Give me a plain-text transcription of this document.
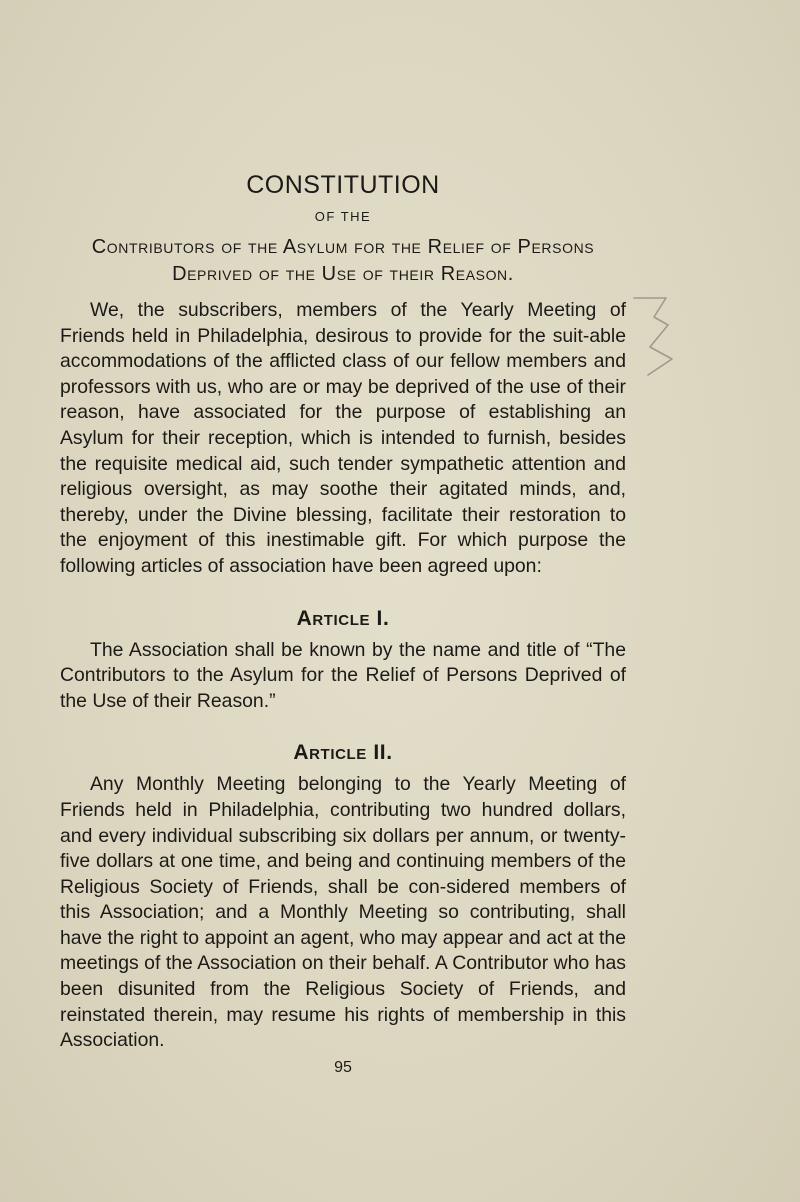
CONSTITUTION

OF THE

Contributors of the Asylum for the Relief of Persons
Deprived of the Use of their Reason.

We, the subscribers, members of the Yearly Meeting of Friends held in Philadelphia, desirous to provide for the suit-able accommodations of the afflicted class of our fellow members and professors with us, who are or may be deprived of the use of their reason, have associated for the purpose of establishing an Asylum for their reception, which is intended to furnish, besides the requisite medical aid, such tender sympathetic attention and religious oversight, as may soothe their agitated minds, and, thereby, under the Divine blessing, facilitate their restoration to the enjoyment of this inestimable gift. For which purpose the following articles of association have been agreed upon:

Article I.

The Association shall be known by the name and title of “The Contributors to the Asylum for the Relief of Persons Deprived of the Use of their Reason.”

Article II.

Any Monthly Meeting belonging to the Yearly Meeting of Friends held in Philadelphia, contributing two hundred dollars, and every individual subscribing six dollars per annum, or twenty-five dollars at one time, and being and continuing members of the Religious Society of Friends, shall be con-sidered members of this Association; and a Monthly Meeting so contributing, shall have the right to appoint an agent, who may appear and act at the meetings of the Association on their behalf. A Contributor who has been disunited from the Religious Society of Friends, and reinstated therein, may resume his rights of membership in this Association.

95
